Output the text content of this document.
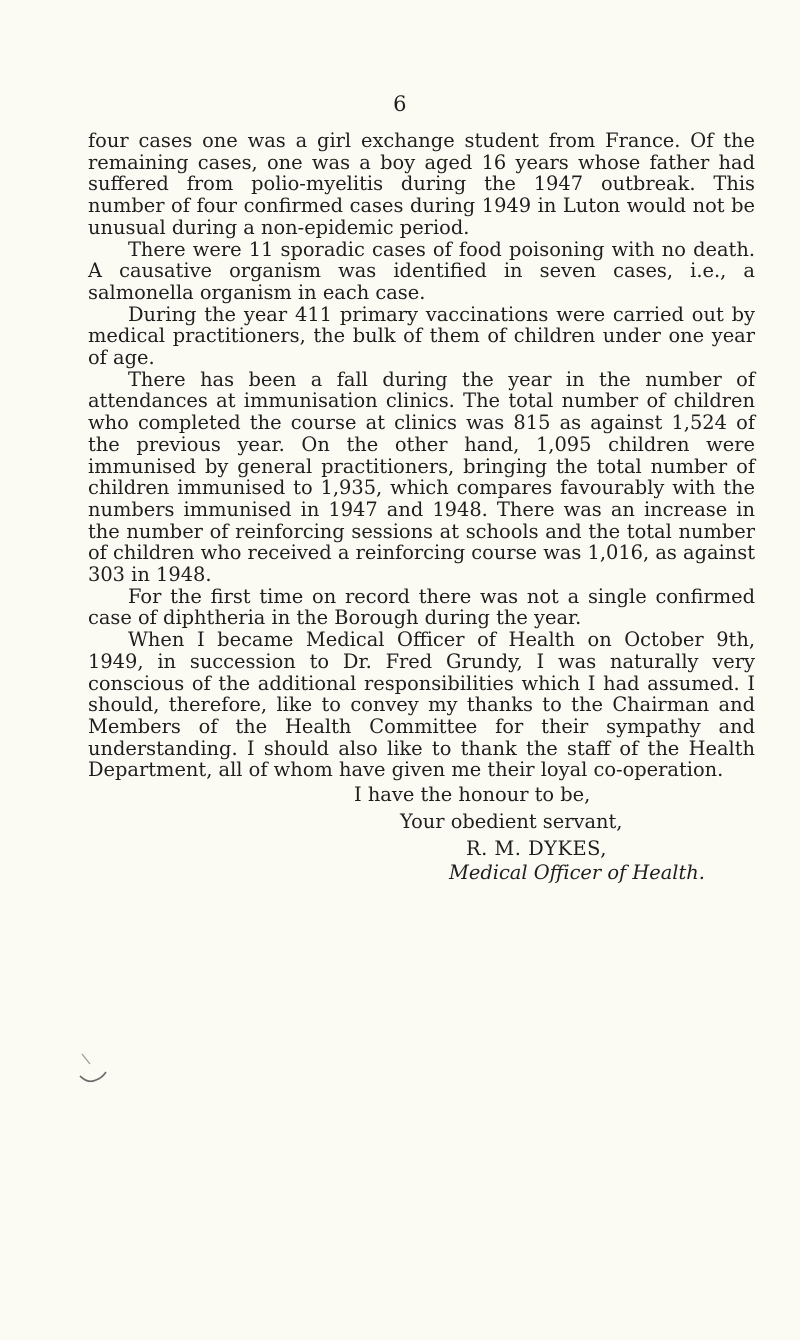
6

four cases one was a girl exchange student from France. Of the remaining cases, one was a boy aged 16 years whose father had suffered from polio-myelitis during the 1947 outbreak. This number of four confirmed cases during 1949 in Luton would not be unusual during a non-epidemic period.

There were 11 sporadic cases of food poisoning with no death. A causative organism was identified in seven cases, i.e., a salmonella organism in each case.

During the year 411 primary vaccinations were carried out by medical practitioners, the bulk of them of children under one year of age.

There has been a fall during the year in the number of attendances at immunisation clinics. The total number of children who completed the course at clinics was 815 as against 1,524 of the previous year. On the other hand, 1,095 children were immunised by general practitioners, bringing the total number of children immunised to 1,935, which compares favourably with the numbers immunised in 1947 and 1948. There was an increase in the number of reinforcing sessions at schools and the total number of children who received a reinforcing course was 1,016, as against 303 in 1948.

For the first time on record there was not a single confirmed case of diphtheria in the Borough during the year.

When I became Medical Officer of Health on October 9th, 1949, in succession to Dr. Fred Grundy, I was naturally very conscious of the additional responsibilities which I had assumed. I should, therefore, like to convey my thanks to the Chairman and Members of the Health Committee for their sympathy and understanding. I should also like to thank the staff of the Health Department, all of whom have given me their loyal co-operation.

I have the honour to be,
Your obedient servant,
R. M. DYKES,
Medical Officer of Health.
